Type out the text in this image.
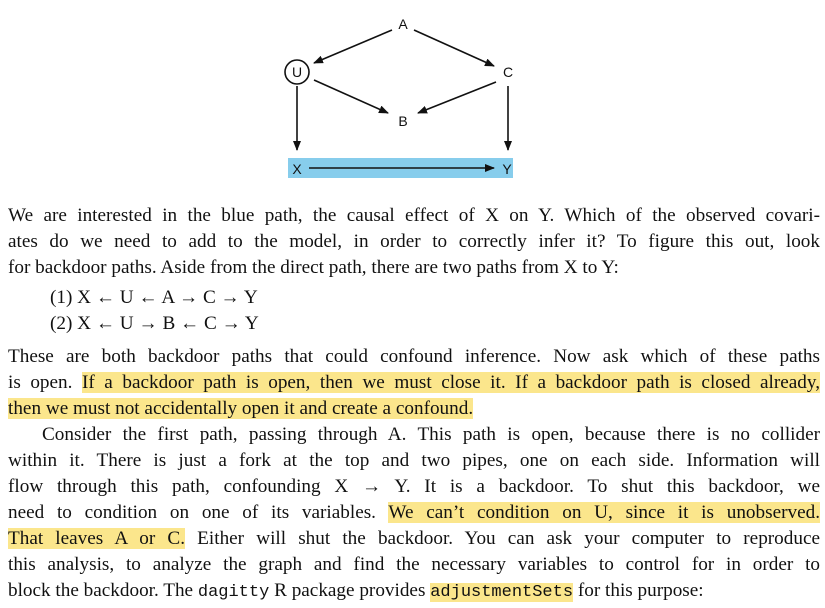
A
U	C
B
X	Y
We are interested in the blue path, the causal effect of X on Y. Which of the observed covari-
ates do we need to add to the model, in order to correctly infer it? To figure this out, look
for backdoor paths. Aside from the direct path, there are two paths from X to Y:
(1) X ← U ← A → C → Y
(2) X ← U → B ← C → Y
These are both backdoor paths that could confound inference. Now ask which of these paths
is open. If a backdoor path is open, then we must close it. If a backdoor path is closed already,
then we must not accidentally open it and create a confound.
Consider the first path, passing through A. This path is open, because there is no collider
within it. There is just a fork at the top and two pipes, one on each side. Information will
flow through this path, confounding X → Y. It is a backdoor. To shut this backdoor, we
need to condition on one of its variables. We can’t condition on U, since it is unobserved.
That leaves A or C. Either will shut the backdoor. You can ask your computer to reproduce
this analysis, to analyze the graph and find the necessary variables to control for in order to
block the backdoor. The dagitty R package provides adjustmentSets for this purpose:
